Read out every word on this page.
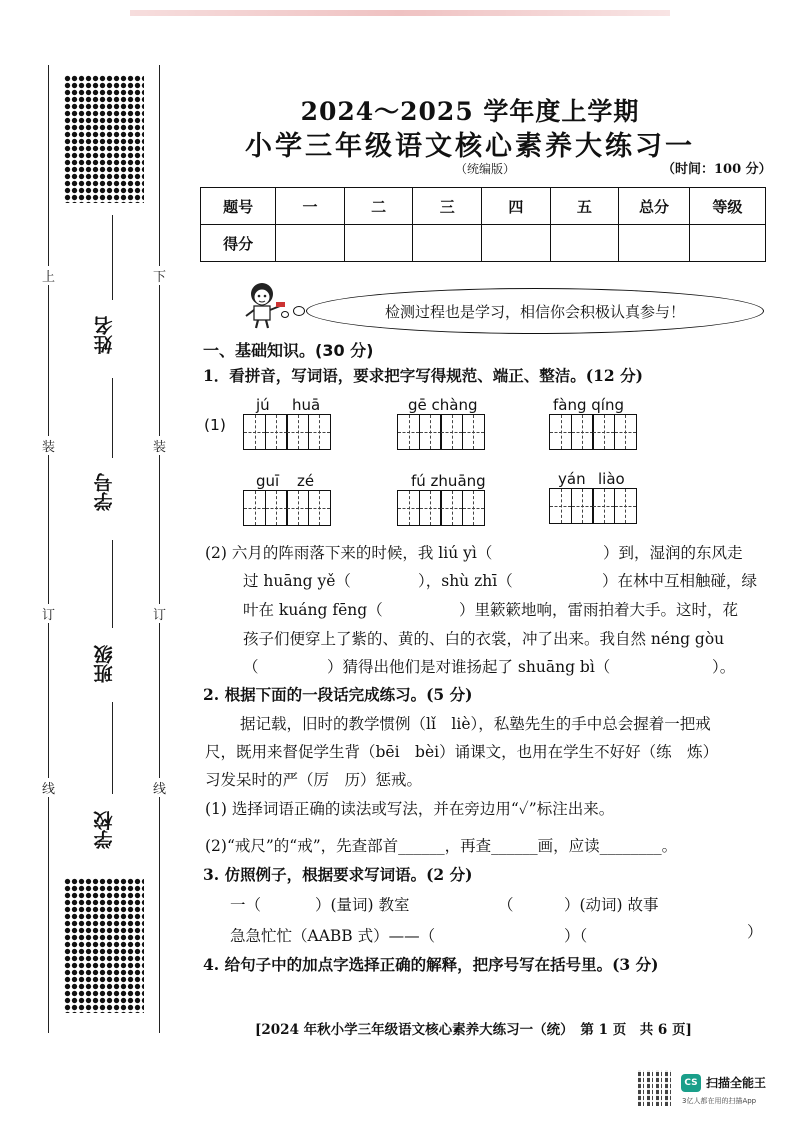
上	下
装	装
订	订
线	线
姓名
学号
班级
学校
2024～2025 学年度上学期
小学三年级语文核心素养大练习一
（统编版）	（时间：100 分）
题号	一	二	三	四	五	总分	等级
得分							
检测过程也是学习，相信你会积极认真参与！
一、基础知识。(30 分)
1．看拼音，写词语，要求把字写得规范、端正、整洁。(12 分)
(1)
jú huā	gē chàng	fàng qíng
guī zé	fú zhuāng	yán liào
(2) 六月的阵雨落下来的时候，我 liú yì（	）到，湿润的东风走
过 huāng yě（	），shù zhī（	）在林中互相触碰，绿
叶在 kuáng fēng（	）里簌簌地响，雷雨拍着大手。这时，花
孩子们便穿上了紫的、黄的、白的衣裳，冲了出来。我自然 néng gòu
（	）猜得出他们是对谁扬起了 shuāng bì（	）。
2. 根据下面的一段话完成练习。(5 分)
据记载，旧时的教学惯例（lǐ　liè），私塾先生的手中总会握着一把戒
尺，既用来督促学生背（bēi　bèi）诵课文，也用在学生不好好（练　炼）
习发呆时的严（厉　历）惩戒。
(1) 选择词语正确的读法或写法，并在旁边用“✓”标注出来。
(2)“戒尺”的“戒”，先查部首______，再查______画，应读________。
3. 仿照例子，根据要求写词语。(2 分)
一（	）(量词) 教室	（	）(动词) 故事
急急忙忙（AABB 式）——（	）（	）
4. 给句子中的加点字选择正确的解释，把序号写在括号里。(3 分)
[2024 年秋小学三年级语文核心素养大练习一（统）　第 1 页　共 6 页]
CS 扫描全能王
3亿人都在用的扫描App
